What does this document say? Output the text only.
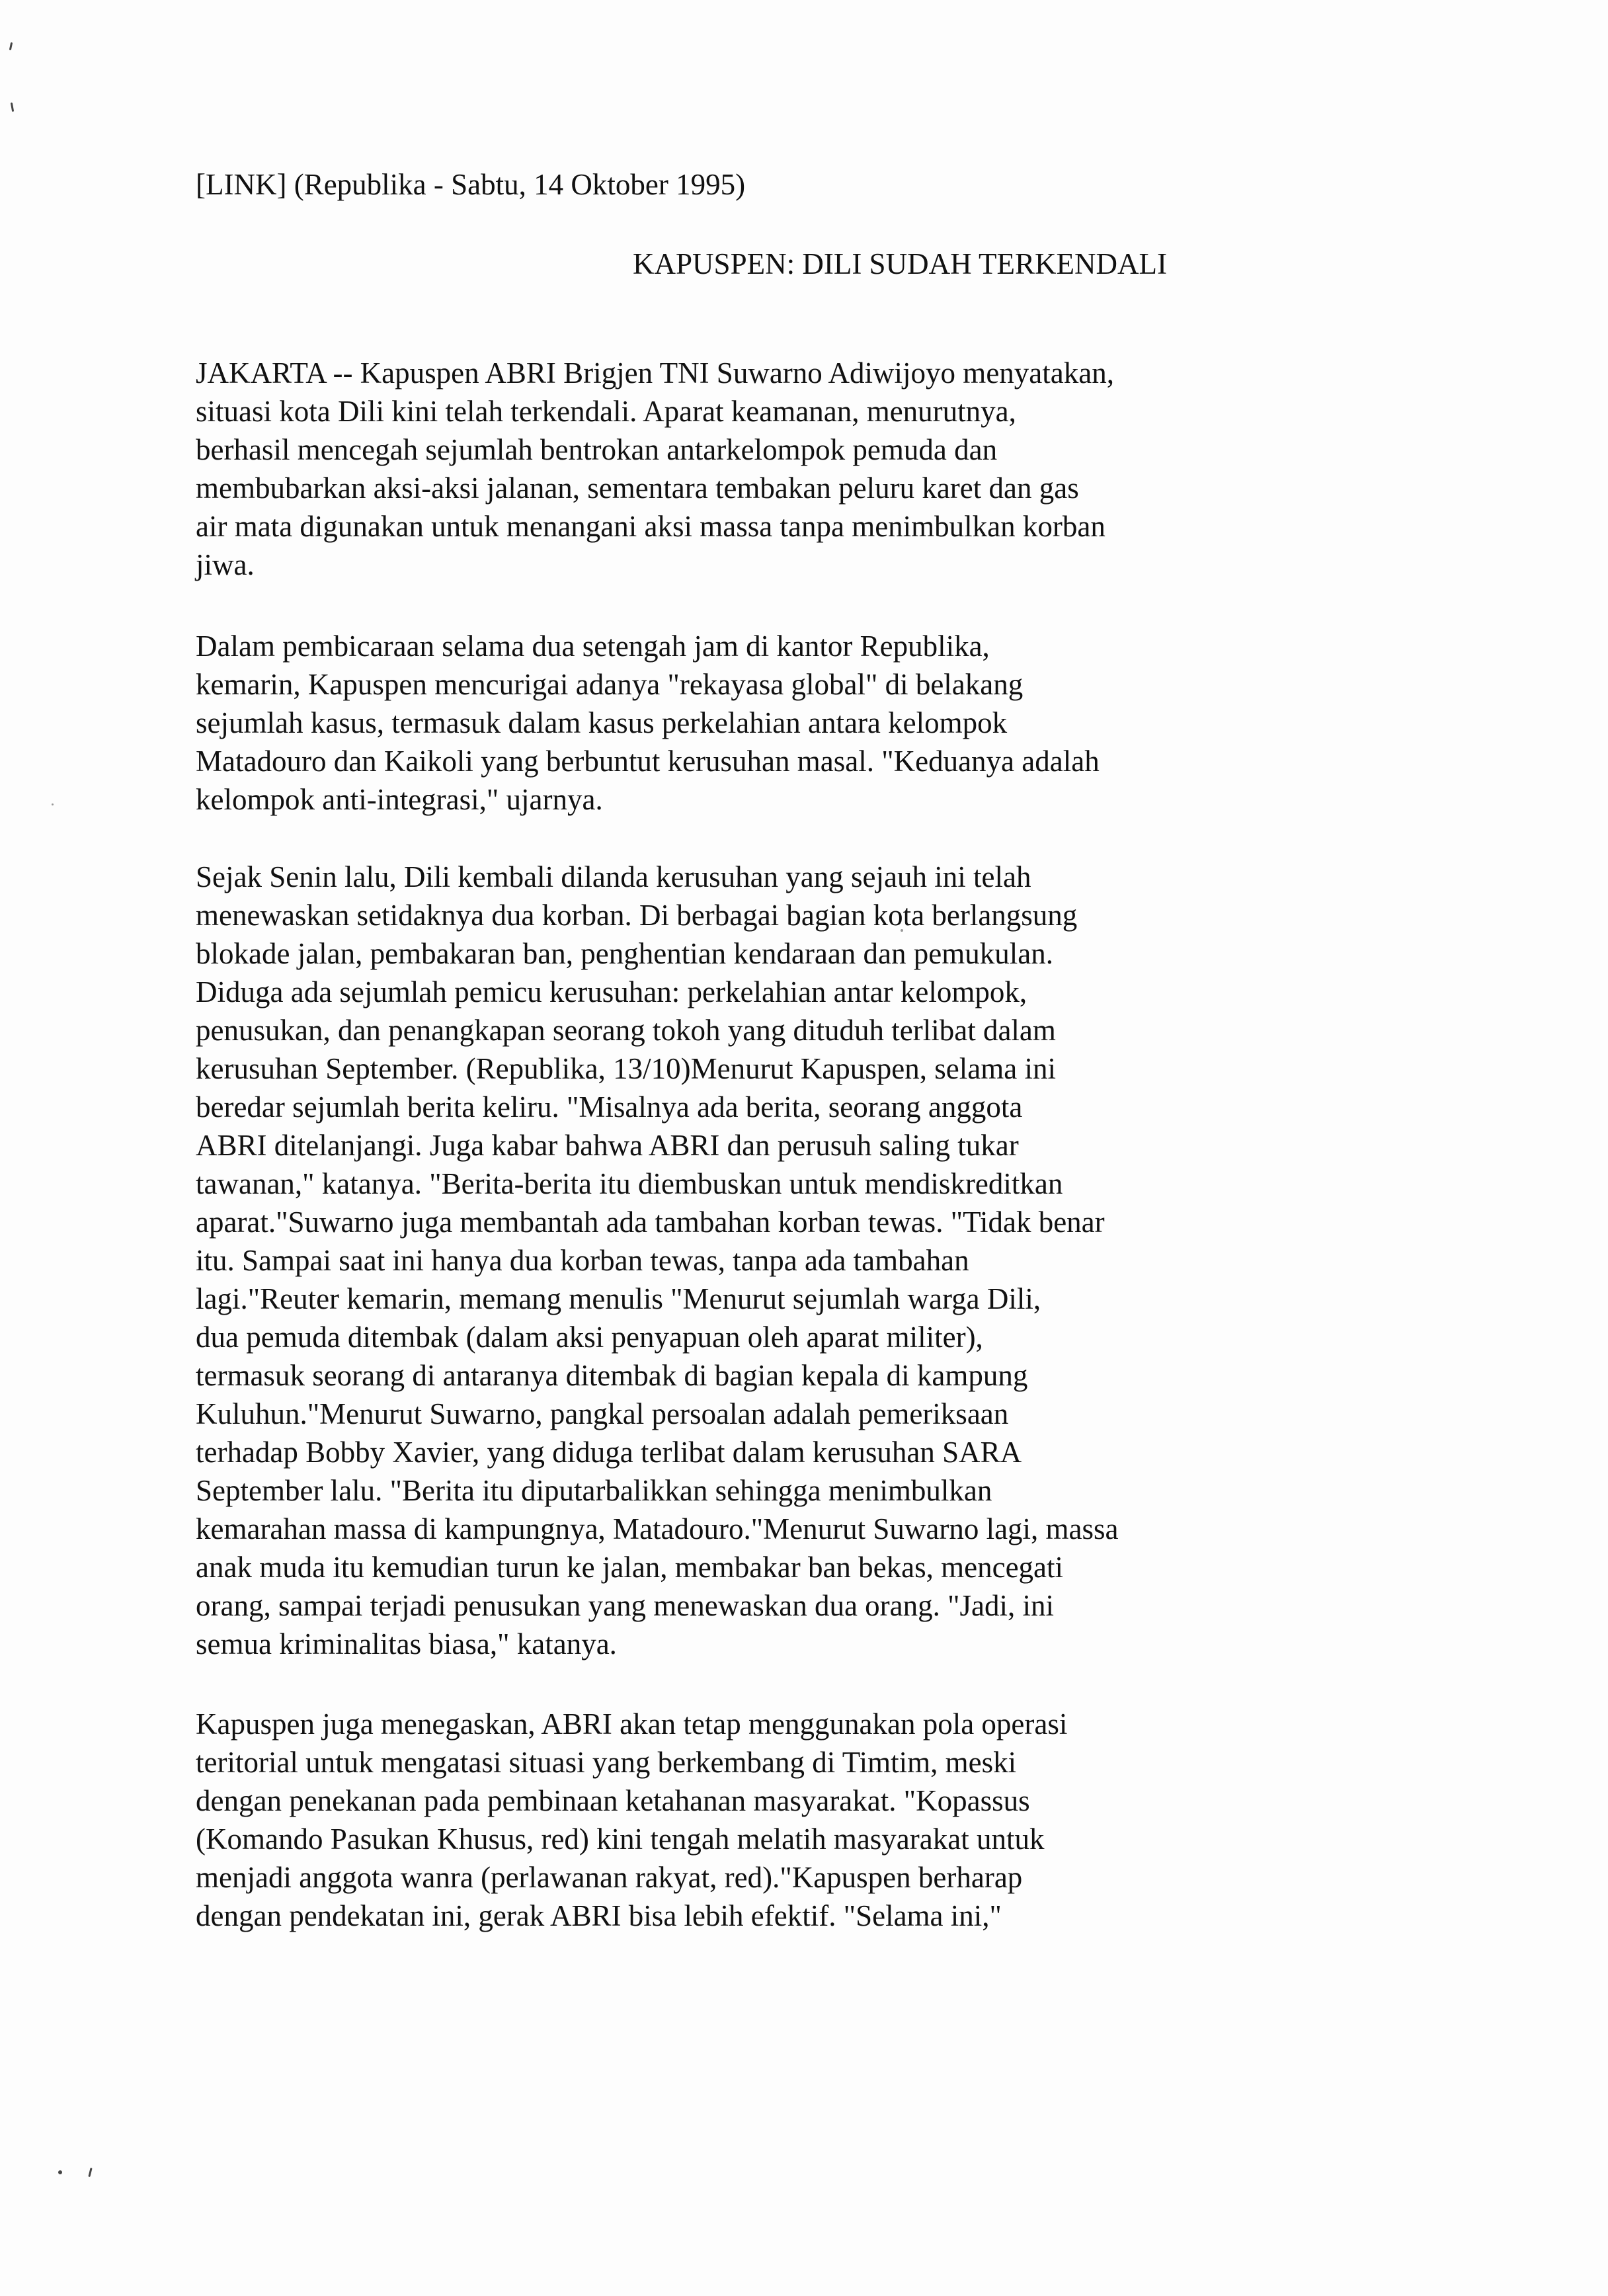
[LINK] (Republika - Sabtu, 14 Oktober 1995)
KAPUSPEN: DILI SUDAH TERKENDALI

JAKARTA -- Kapuspen ABRI Brigjen TNI Suwarno Adiwijoyo menyatakan,
situasi kota Dili kini telah terkendali. Aparat keamanan, menurutnya,
berhasil mencegah sejumlah bentrokan antarkelompok pemuda dan
membubarkan aksi-aksi jalanan, sementara tembakan peluru karet dan gas
air mata digunakan untuk menangani aksi massa tanpa menimbulkan korban
jiwa.

Dalam pembicaraan selama dua setengah jam di kantor Republika,
kemarin, Kapuspen mencurigai adanya "rekayasa global" di belakang
sejumlah kasus, termasuk dalam kasus perkelahian antara kelompok
Matadouro dan Kaikoli yang berbuntut kerusuhan masal. "Keduanya adalah
kelompok anti-integrasi," ujarnya.

Sejak Senin lalu, Dili kembali dilanda kerusuhan yang sejauh ini telah
menewaskan setidaknya dua korban. Di berbagai bagian kota berlangsung
blokade jalan, pembakaran ban, penghentian kendaraan dan pemukulan.
Diduga ada sejumlah pemicu kerusuhan: perkelahian antar kelompok,
penusukan, dan penangkapan seorang tokoh yang dituduh terlibat dalam
kerusuhan September. (Republika, 13/10)Menurut Kapuspen, selama ini
beredar sejumlah berita keliru. "Misalnya ada berita, seorang anggota
ABRI ditelanjangi. Juga kabar bahwa ABRI dan perusuh saling tukar
tawanan," katanya. "Berita-berita itu diembuskan untuk mendiskreditkan
aparat."Suwarno juga membantah ada tambahan korban tewas. "Tidak benar
itu. Sampai saat ini hanya dua korban tewas, tanpa ada tambahan
lagi."Reuter kemarin, memang menulis "Menurut sejumlah warga Dili,
dua pemuda ditembak (dalam aksi penyapuan oleh aparat militer),
termasuk seorang di antaranya ditembak di bagian kepala di kampung
Kuluhun."Menurut Suwarno, pangkal persoalan adalah pemeriksaan
terhadap Bobby Xavier, yang diduga terlibat dalam kerusuhan SARA
September lalu. "Berita itu diputarbalikkan sehingga menimbulkan
kemarahan massa di kampungnya, Matadouro."Menurut Suwarno lagi, massa
anak muda itu kemudian turun ke jalan, membakar ban bekas, mencegati
orang, sampai terjadi penusukan yang menewaskan dua orang. "Jadi, ini
semua kriminalitas biasa," katanya.

Kapuspen juga menegaskan, ABRI akan tetap menggunakan pola operasi
teritorial untuk mengatasi situasi yang berkembang di Timtim, meski
dengan penekanan pada pembinaan ketahanan masyarakat. "Kopassus
(Komando Pasukan Khusus, red) kini tengah melatih masyarakat untuk
menjadi anggota wanra (perlawanan rakyat, red)."Kapuspen berharap
dengan pendekatan ini, gerak ABRI bisa lebih efektif. "Selama ini,"
